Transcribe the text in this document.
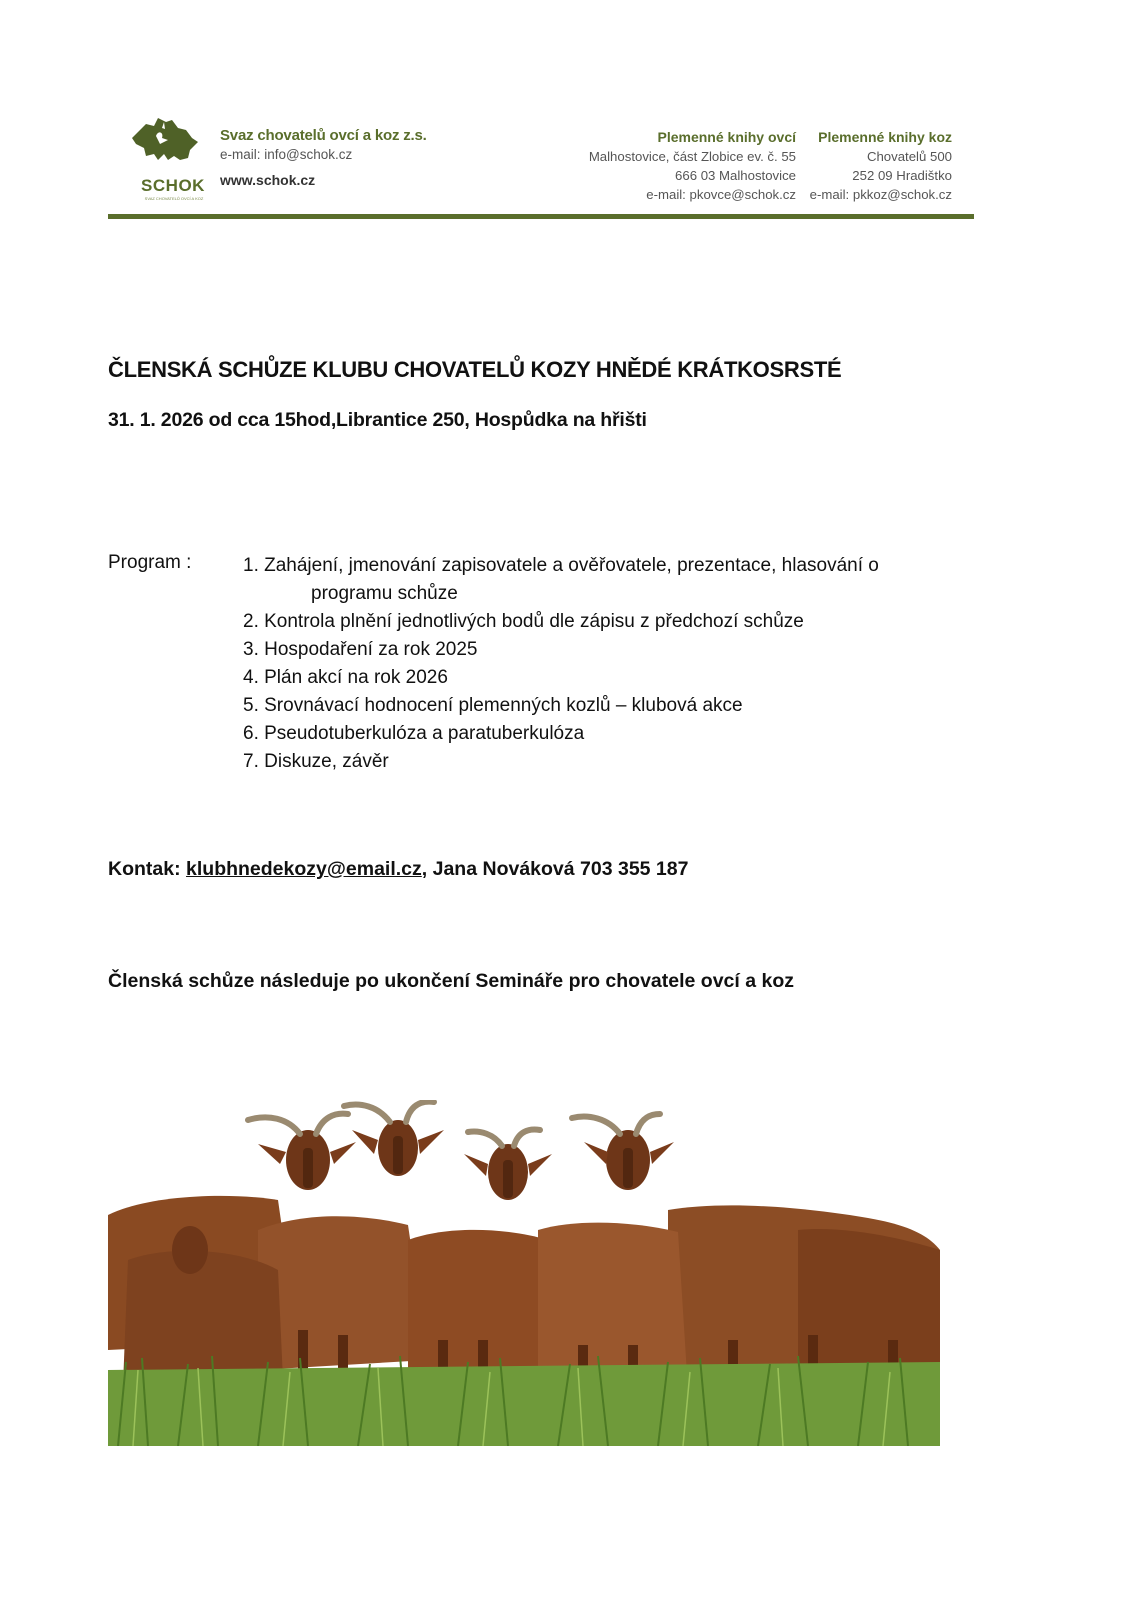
SCHOK
SVAZ CHOVATELŮ OVCÍ A KOZ
Svaz chovatelů ovcí a koz z.s.
e-mail: info@schok.cz
www.schok.cz
Plemenné knihy ovcí
Malhostovice, část Zlobice ev. č. 55
666 03 Malhostovice
e-mail: pkovce@schok.cz
Plemenné knihy koz
Chovatelů 500
252 09 Hradištko
e-mail: pkkoz@schok.cz
ČLENSKÁ SCHŮZE KLUBU CHOVATELŮ KOZY HNĚDÉ KRÁTKOSRSTÉ
31. 1. 2026 od cca 15hod,Librantice 250, Hospůdka na hřišti
Program :	1. Zahájení, jmenování zapisovatele a ověřovatele, prezentace, hlasování o
programu schůze
2. Kontrola plnění jednotlivých bodů dle zápisu z předchozí schůze
3. Hospodaření za rok 2025
4. Plán akcí na rok 2026
5. Srovnávací hodnocení plemenných kozlů – klubová akce
6. Pseudotuberkulóza a paratuberkulóza
7. Diskuze, závěr
Kontak: klubhnedekozy@email.cz, Jana Nováková 703 355 187
Členská schůze následuje po ukončení Semináře pro chovatele ovcí a koz
